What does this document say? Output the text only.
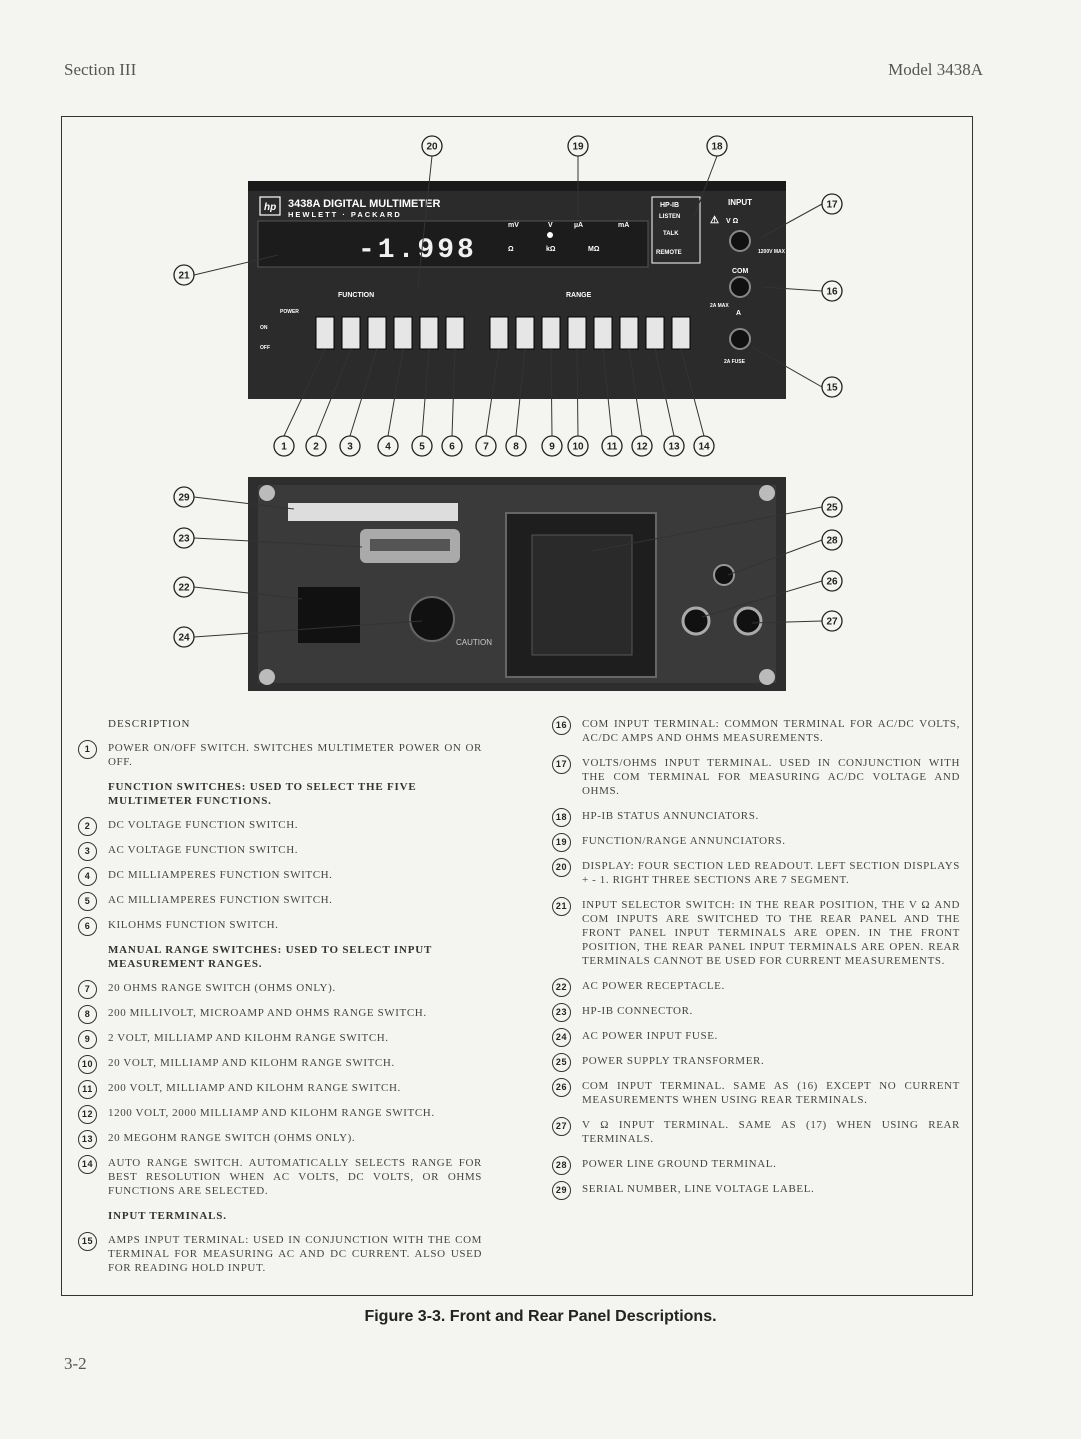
Section III	Model 3438A
hp 3438A DIGITAL MULTIMETER
HEWLETT · PACKARD
-1.998
mV	V	µA	mA
Ω	kΩ	MΩ
HP-IB
LISTEN
TALK
REMOTE
INPUT
⚠ V Ω
COM
1200V MAX
2A MAX
A
2A FUSE
FUNCTION	RANGE
POWER
ON
OFF
1	2	3	4	5 6	7 8	9 10 11 12 13 14
17
16
15
18
19
20
21
CAUTION
29
23
22
24
25
28
26
27
DESCRIPTION
1	POWER ON/OFF SWITCH. SWITCHES MULTIMETER POWER ON OR OFF.
FUNCTION SWITCHES: USED TO SELECT THE FIVE MULTIMETER FUNCTIONS.
2	DC VOLTAGE FUNCTION SWITCH.
3	AC VOLTAGE FUNCTION SWITCH.
4	DC MILLIAMPERES FUNCTION SWITCH.
5	AC MILLIAMPERES FUNCTION SWITCH.
6	KILOHMS FUNCTION SWITCH.
MANUAL RANGE SWITCHES: USED TO SELECT INPUT MEASUREMENT RANGES.
7	20 OHMS RANGE SWITCH (OHMS ONLY).
8	200 MILLIVOLT, MICROAMP AND OHMS RANGE SWITCH.
9	2 VOLT, MILLIAMP AND KILOHM RANGE SWITCH.
10	20 VOLT, MILLIAMP AND KILOHM RANGE SWITCH.
11	200 VOLT, MILLIAMP AND KILOHM RANGE SWITCH.
12	1200 VOLT, 2000 MILLIAMP AND KILOHM RANGE SWITCH.
13	20 MEGOHM RANGE SWITCH (OHMS ONLY).
14	AUTO RANGE SWITCH. AUTOMATICALLY SELECTS RANGE FOR BEST RESOLUTION WHEN AC VOLTS, DC VOLTS, OR OHMS FUNCTIONS ARE SELECTED.
INPUT TERMINALS.
15	AMPS INPUT TERMINAL: USED IN CONJUNCTION WITH THE COM TERMINAL FOR MEASURING AC AND DC CURRENT. ALSO USED FOR READING HOLD INPUT.
16	COM INPUT TERMINAL: COMMON TERMINAL FOR AC/DC VOLTS, AC/DC AMPS AND OHMS MEASUREMENTS.
17	VOLTS/OHMS INPUT TERMINAL. USED IN CONJUNCTION WITH THE COM TERMINAL FOR MEASURING AC/DC VOLTAGE AND OHMS.
18	HP-IB STATUS ANNUNCIATORS.
19	FUNCTION/RANGE ANNUNCIATORS.
20	DISPLAY: FOUR SECTION LED READOUT. LEFT SECTION DISPLAYS + - 1. RIGHT THREE SECTIONS ARE 7 SEGMENT.
21	INPUT SELECTOR SWITCH: IN THE REAR POSITION, THE V Ω AND COM INPUTS ARE SWITCHED TO THE REAR PANEL AND THE FRONT PANEL INPUT TERMINALS ARE OPEN. IN THE FRONT POSITION, THE REAR PANEL INPUT TERMINALS ARE OPEN. REAR TERMINALS CANNOT BE USED FOR CURRENT MEASUREMENTS.
22	AC POWER RECEPTACLE.
23	HP-IB CONNECTOR.
24	AC POWER INPUT FUSE.
25	POWER SUPPLY TRANSFORMER.
26	COM INPUT TERMINAL. SAME AS (16) EXCEPT NO CURRENT MEASUREMENTS WHEN USING REAR TERMINALS.
27	V Ω INPUT TERMINAL. SAME AS (17) WHEN USING REAR TERMINALS.
28	POWER LINE GROUND TERMINAL.
29	SERIAL NUMBER, LINE VOLTAGE LABEL.
Figure 3-3. Front and Rear Panel Descriptions.
3-2
